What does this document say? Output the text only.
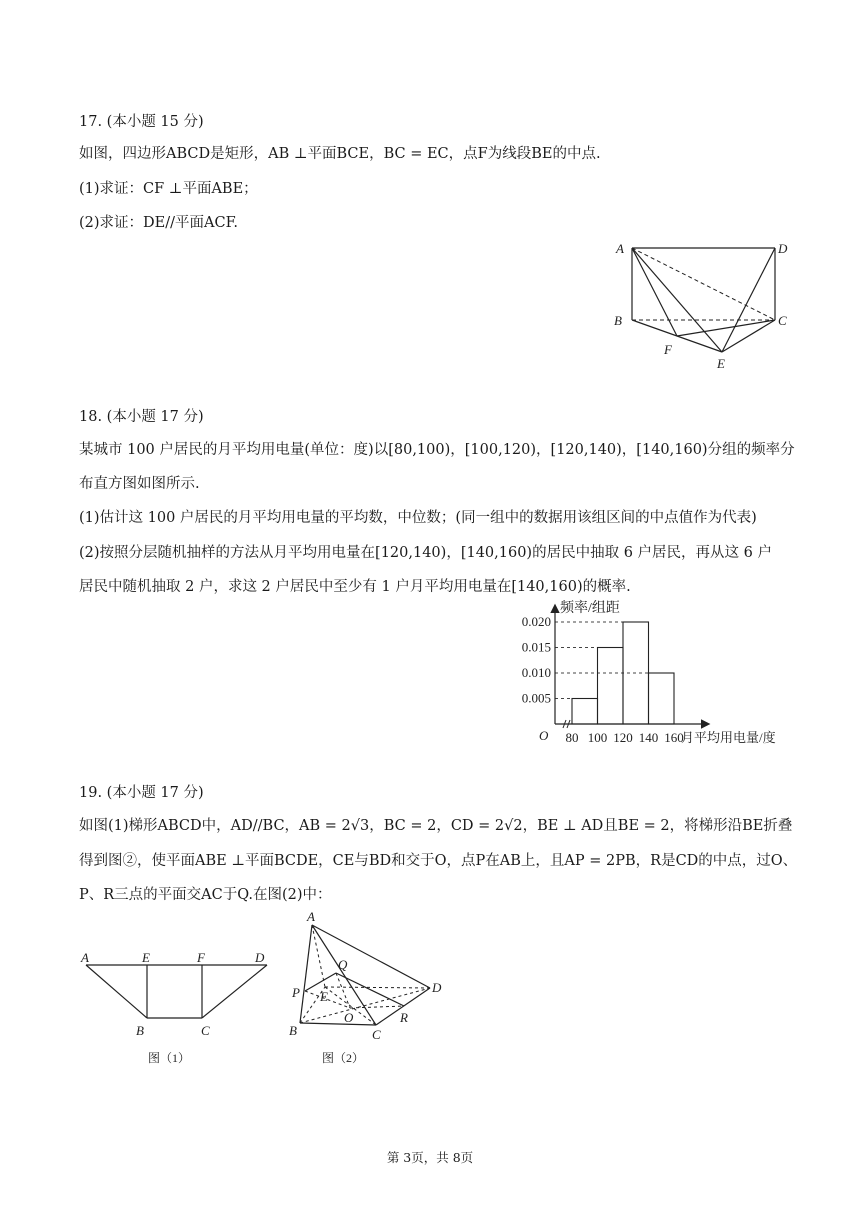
17. (本小题 15 分)
如图，四边形ABCD是矩形，AB ⊥平面BCE，BC = EC，点F为线段BE的中点.
(1)求证：CF ⊥平面ABE；
(2)求证：DE//平面ACF.
A	D
B	C
F
E
18. (本小题 17 分)
某城市 100 户居民的月平均用电量(单位：度)以[80,100)，[100,120)，[120,140)，[140,160)分组的频率分
布直方图如图所示.
(1)估计这 100 户居民的月平均用电量的平均数，中位数；(同一组中的数据用该组区间的中点值作为代表)
(2)按照分层随机抽样的方法从月平均用电量在[120,140)，[140,160)的居民中抽取 6 户居民，再从这 6 户
居民中随机抽取 2 户，求这 2 户居民中至少有 1 户月平均用电量在[140,160)的概率.
0.020
0.015
0.010
0.005
80 100 120 140 160
频率/组距
月平均用电量/度
O
19. (本小题 17 分)
如图(1)梯形ABCD中，AD//BC，AB = 2√3，BC = 2，CD = 2√2，BE ⊥ AD且BE = 2，将梯形沿BE折叠
得到图②，使平面ABE ⊥平面BCDE，CE与BD和交于O，点P在AB上，且AP = 2PB，R是CD的中点，过O、
P、R三点的平面交AC于Q.在图(2)中：
A	E	F	D
B	C
图（1）
A
Q
D
P E
O	R
B	C
图（2）
第 3页，共 8页
